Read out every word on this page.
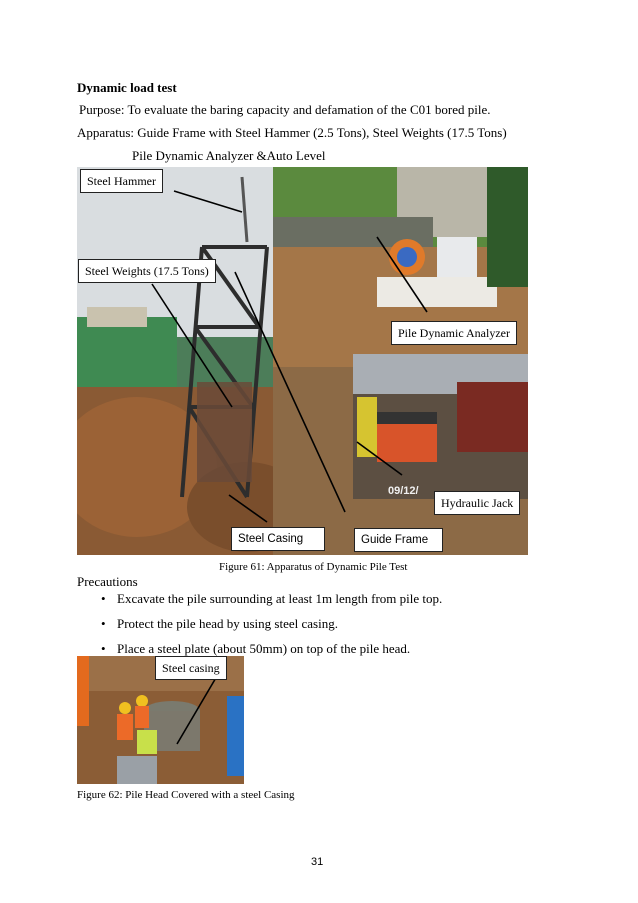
Dynamic load test
Purpose: To evaluate the baring capacity and defamation of the C01 bored pile.
Apparatus: Guide Frame with Steel Hammer (2.5 Tons), Steel Weights (17.5 Tons)
Pile Dynamic Analyzer &Auto Level
09/12/
Steel Hammer
Steel Weights (17.5 Tons)
Pile Dynamic Analyzer
Hydraulic Jack
Steel Casing	Guide Frame
Figure 61: Apparatus of Dynamic Pile Test
Precautions
• Excavate the pile surrounding at least 1m length from pile top.
• Protect the pile head by using steel casing.
• Place a steel plate (about 50mm) on top of the pile head.
Steel casing
Figure 62: Pile Head Covered with a steel Casing
31
